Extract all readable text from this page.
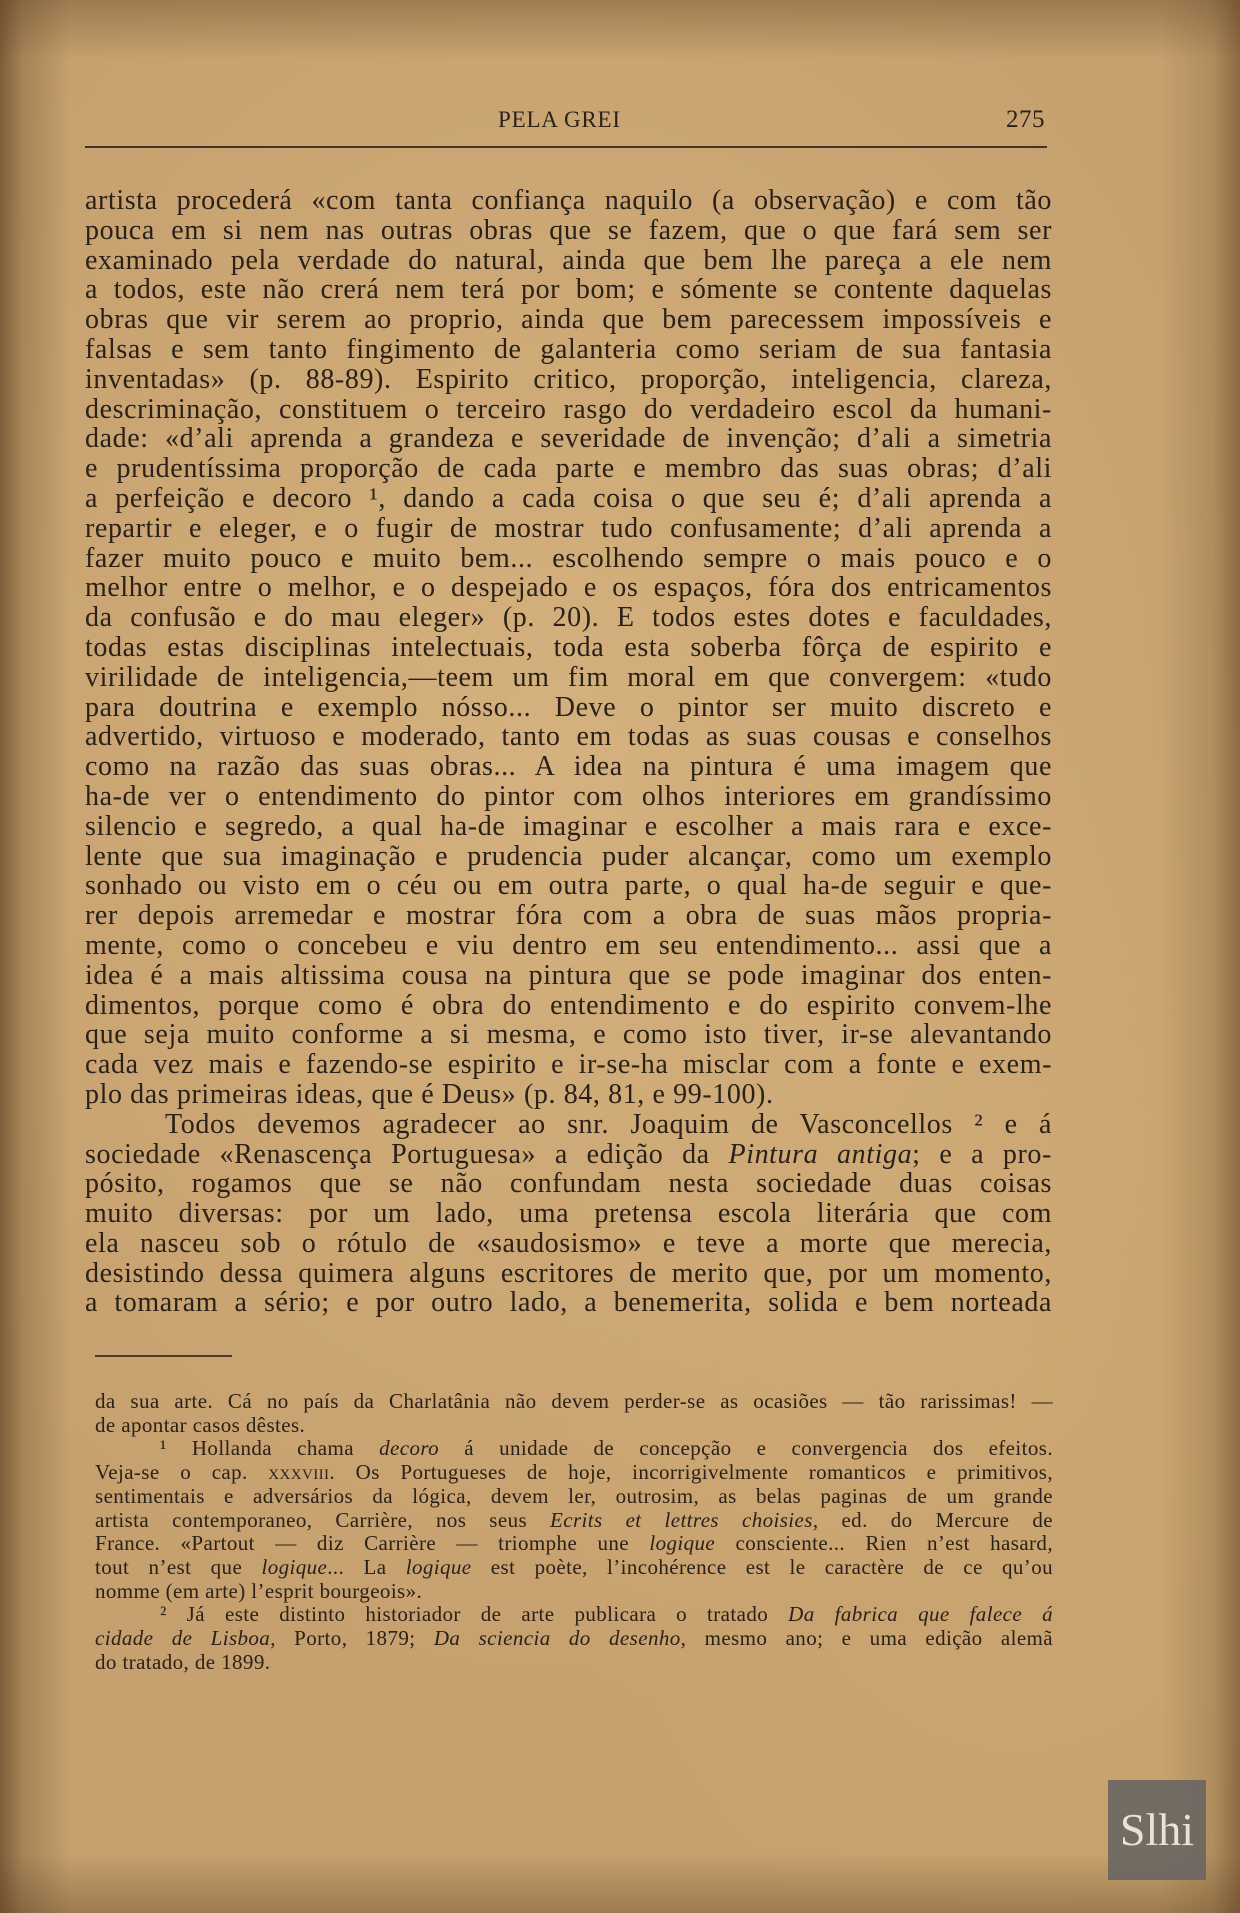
PELA GREI	275
artista procederá «com tanta confiança naquilo (a observação) e com tão
pouca em si nem nas outras obras que se fazem, que o que fará sem ser
examinado pela verdade do natural, ainda que bem lhe pareça a ele nem
a todos, este não crerá nem terá por bom; e sómente se contente daquelas
obras que vir serem ao proprio, ainda que bem parecessem impossíveis e
falsas e sem tanto fingimento de galanteria como seriam de sua fantasia
inventadas» (p. 88-89). Espirito critico, proporção, inteligencia, clareza,
descriminação, constituem o terceiro rasgo do verdadeiro escol da humani-
dade: «d’ali aprenda a grandeza e severidade de invenção; d’ali a simetria
e prudentíssima proporção de cada parte e membro das suas obras; d’ali
a perfeição e decoro ¹, dando a cada coisa o que seu é; d’ali aprenda a
repartir e eleger, e o fugir de mostrar tudo confusamente; d’ali aprenda a
fazer muito pouco e muito bem... escolhendo sempre o mais pouco e o
melhor entre o melhor, e o despejado e os espaços, fóra dos entricamentos
da confusão e do mau eleger» (p. 20). E todos estes dotes e faculdades,
todas estas disciplinas intelectuais, toda esta soberba fôrça de espirito e
virilidade de inteligencia,—teem um fim moral em que convergem: «tudo
para doutrina e exemplo nósso... Deve o pintor ser muito discreto e
advertido, virtuoso e moderado, tanto em todas as suas cousas e conselhos
como na razão das suas obras... A idea na pintura é uma imagem que
ha-de ver o entendimento do pintor com olhos interiores em grandíssimo
silencio e segredo, a qual ha-de imaginar e escolher a mais rara e exce-
lente que sua imaginação e prudencia puder alcançar, como um exemplo
sonhado ou visto em o céu ou em outra parte, o qual ha-de seguir e que-
rer depois arremedar e mostrar fóra com a obra de suas mãos propria-
mente, como o concebeu e viu dentro em seu entendimento... assi que a
idea é a mais altissima cousa na pintura que se pode imaginar dos enten-
dimentos, porque como é obra do entendimento e do espirito convem-lhe
que seja muito conforme a si mesma, e como isto tiver, ir-se alevantando
cada vez mais e fazendo-se espirito e ir-se-ha misclar com a fonte e exem-
plo das primeiras ideas, que é Deus» (p. 84, 81, e 99-100).
Todos devemos agradecer ao snr. Joaquim de Vasconcellos ² e á
sociedade «Renascença Portuguesa» a edição da Pintura antiga; e a pro-
pósito, rogamos que se não confundam nesta sociedade duas coisas
muito diversas: por um lado, uma pretensa escola literária que com
ela nasceu sob o rótulo de «saudosismo» e teve a morte que merecia,
desistindo dessa quimera alguns escritores de merito que, por um momento,
a tomaram a sério; e por outro lado, a benemerita, solida e bem norteada
da sua arte. Cá no país da Charlatânia não devem perder-se as ocasiões — tão rarissimas! —
de apontar casos dêstes.
¹ Hollanda chama decoro á unidade de concepção e convergencia dos efeitos.
Veja-se o cap. xxxviii. Os Portugueses de hoje, incorrigivelmente romanticos e primitivos,
sentimentais e adversários da lógica, devem ler, outrosim, as belas paginas de um grande
artista contemporaneo, Carrière, nos seus Ecrits et lettres choisies, ed. do Mercure de
France. «Partout — diz Carrière — triomphe une logique consciente... Rien n’est hasard,
tout n’est que logique... La logique est poète, l’incohérence est le caractère de ce qu’ou
nomme (em arte) l’esprit bourgeois».
² Já este distinto historiador de arte publicara o tratado Da fabrica que falece á
cidade de Lisboa, Porto, 1879; Da sciencia do desenho, mesmo ano; e uma edição alemã
do tratado, de 1899.
Slhi
